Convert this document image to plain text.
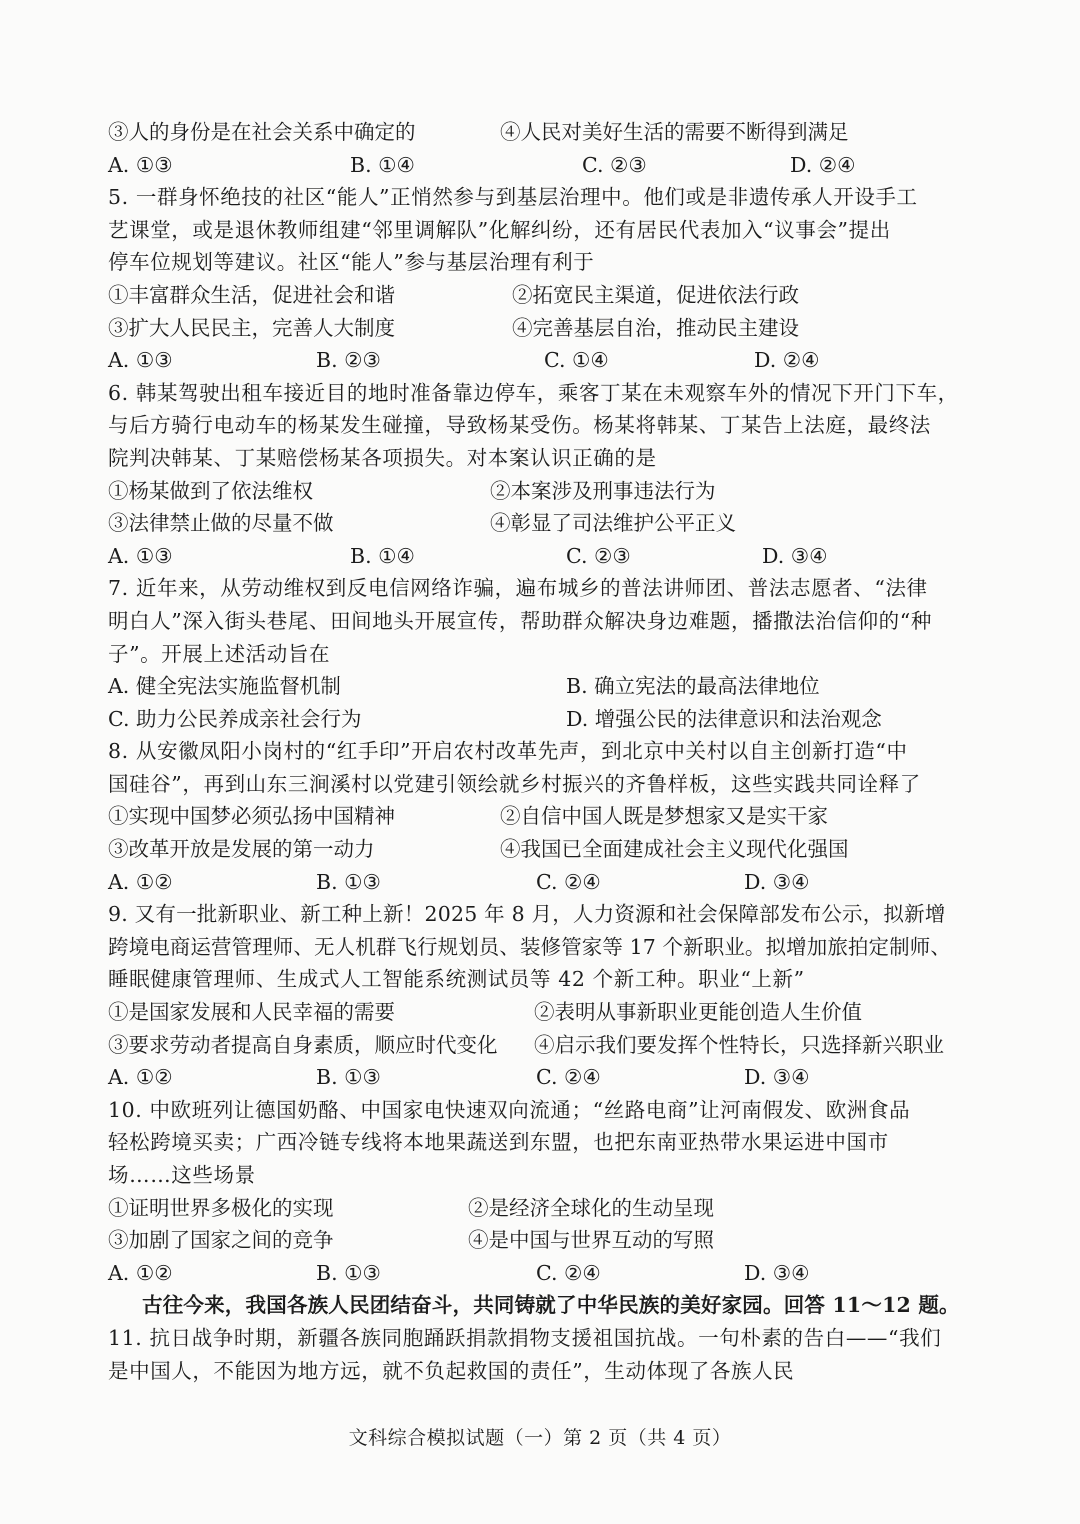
③人的身份是在社会关系中确定的	④人民对美好生活的需要不断得到满足
A. ①③	B. ①④	C. ②③	D. ②④
5. 一群身怀绝技的社区“能人”正悄然参与到基层治理中。他们或是非遗传承人开设手工
艺课堂，或是退休教师组建“邻里调解队”化解纠纷，还有居民代表加入“议事会”提出
停车位规划等建议。社区“能人”参与基层治理有利于
①丰富群众生活，促进社会和谐	②拓宽民主渠道，促进依法行政
③扩大人民民主，完善人大制度	④完善基层自治，推动民主建设
A. ①③	B. ②③	C. ①④	D. ②④
6. 韩某驾驶出租车接近目的地时准备靠边停车，乘客丁某在未观察车外的情况下开门下车，
与后方骑行电动车的杨某发生碰撞，导致杨某受伤。杨某将韩某、丁某告上法庭，最终法
院判决韩某、丁某赔偿杨某各项损失。对本案认识正确的是
①杨某做到了依法维权	②本案涉及刑事违法行为
③法律禁止做的尽量不做	④彰显了司法维护公平正义
A. ①③	B. ①④	C. ②③	D. ③④
7. 近年来，从劳动维权到反电信网络诈骗，遍布城乡的普法讲师团、普法志愿者、“法律
明白人”深入街头巷尾、田间地头开展宣传，帮助群众解决身边难题，播撒法治信仰的“种
子”。开展上述活动旨在
A. 健全宪法实施监督机制	B. 确立宪法的最高法律地位
C. 助力公民养成亲社会行为	D. 增强公民的法律意识和法治观念
8. 从安徽凤阳小岗村的“红手印”开启农村改革先声，到北京中关村以自主创新打造“中
国硅谷”，再到山东三涧溪村以党建引领绘就乡村振兴的齐鲁样板，这些实践共同诠释了
①实现中国梦必须弘扬中国精神	②自信中国人既是梦想家又是实干家
③改革开放是发展的第一动力	④我国已全面建成社会主义现代化强国
A. ①②	B. ①③	C. ②④	D. ③④
9. 又有一批新职业、新工种上新！2025 年 8 月，人力资源和社会保障部发布公示，拟新增
跨境电商运营管理师、无人机群飞行规划员、装修管家等 17 个新职业。拟增加旅拍定制师、
睡眠健康管理师、生成式人工智能系统测试员等 42 个新工种。职业“上新”
①是国家发展和人民幸福的需要	②表明从事新职业更能创造人生价值
③要求劳动者提高自身素质，顺应时代变化	④启示我们要发挥个性特长，只选择新兴职业
A. ①②	B. ①③	C. ②④	D. ③④
10. 中欧班列让德国奶酪、中国家电快速双向流通；“丝路电商”让河南假发、欧洲食品
轻松跨境买卖；广西冷链专线将本地果蔬送到东盟，也把东南亚热带水果运进中国市
场……这些场景
①证明世界多极化的实现	②是经济全球化的生动呈现
③加剧了国家之间的竞争	④是中国与世界互动的写照
A. ①②	B. ①③	C. ②④	D. ③④
古往今来，我国各族人民团结奋斗，共同铸就了中华民族的美好家园。回答 11～12 题。
11. 抗日战争时期，新疆各族同胞踊跃捐款捐物支援祖国抗战。一句朴素的告白——“我们
是中国人，不能因为地方远，就不负起救国的责任”，生动体现了各族人民
文科综合模拟试题（一）第 2 页（共 4 页）
